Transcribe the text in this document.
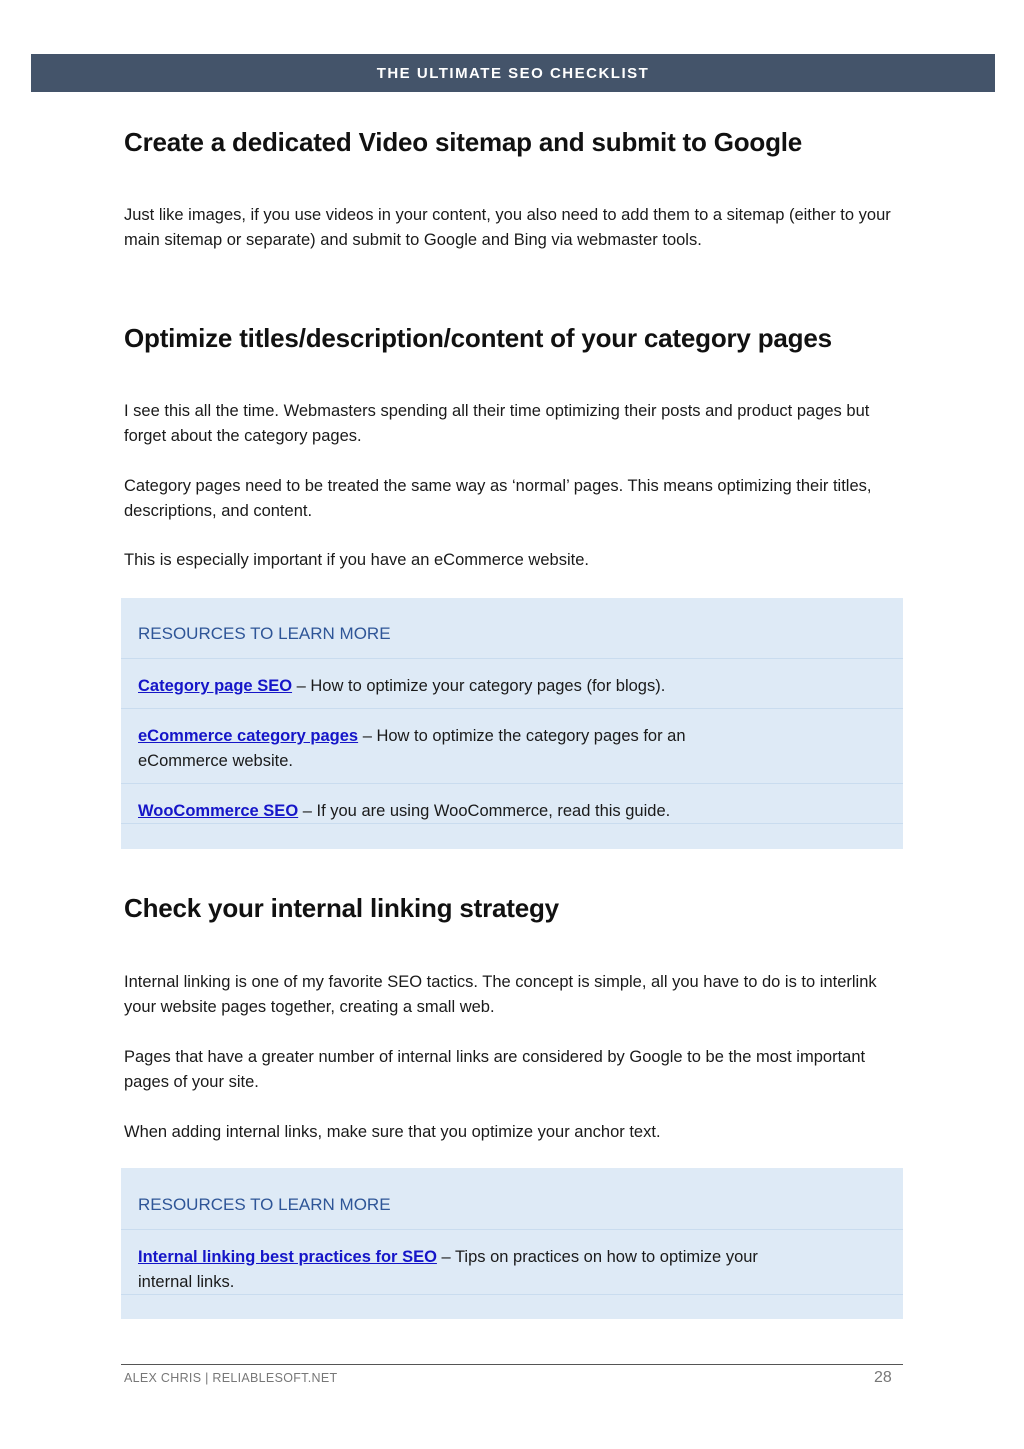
THE ULTIMATE SEO CHECKLIST
Create a dedicated Video sitemap and submit to Google

Just like images, if you use videos in your content, you also need to add them to a sitemap (either to your main sitemap or separate) and submit to Google and Bing via webmaster tools.

Optimize titles/description/content of your category pages

I see this all the time. Webmasters spending all their time optimizing their posts and product pages but forget about the category pages.

Category pages need to be treated the same way as ‘normal’ pages. This means optimizing their titles, descriptions, and content.

This is especially important if you have an eCommerce website.

RESOURCES TO LEARN MORE
Category page SEO – How to optimize your category pages (for blogs).
eCommerce category pages – How to optimize the category pages for an eCommerce website.
WooCommerce SEO – If you are using WooCommerce, read this guide.
Check your internal linking strategy

Internal linking is one of my favorite SEO tactics. The concept is simple, all you have to do is to interlink your website pages together, creating a small web.

Pages that have a greater number of internal links are considered by Google to be the most important pages of your site.

When adding internal links, make sure that you optimize your anchor text.

RESOURCES TO LEARN MORE
Internal linking best practices for SEO – Tips on practices on how to optimize your internal links.
ALEX CHRIS | RELIABLESOFT.NET	28
